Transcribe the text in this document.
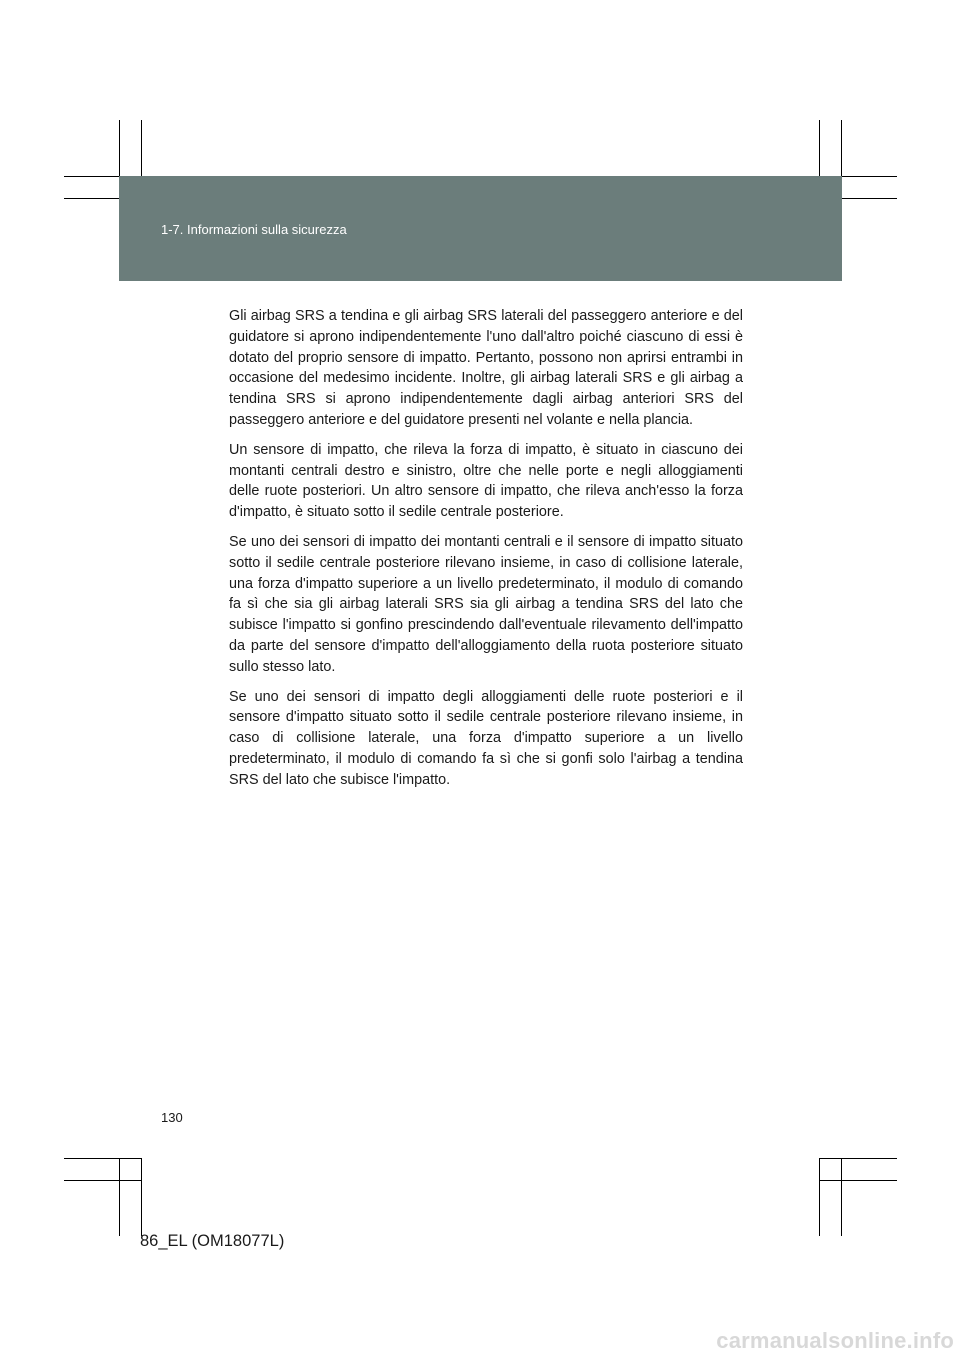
1-7. Informazioni sulla sicurezza

Gli airbag SRS a tendina e gli airbag SRS laterali del passeggero anteriore e del guidatore si aprono indipendentemente l'uno dall'altro poiché ciascuno di essi è dotato del proprio sensore di impatto. Pertanto, possono non aprirsi entrambi in occasione del medesimo incidente. Inoltre, gli airbag laterali SRS e gli airbag a tendina SRS si aprono indipendentemente dagli airbag anteriori SRS del passeggero anteriore e del guidatore presenti nel volante e nella plancia.

Un sensore di impatto, che rileva la forza di impatto, è situato in ciascuno dei montanti centrali destro e sinistro, oltre che nelle porte e negli alloggiamenti delle ruote posteriori. Un altro sensore di impatto, che rileva anch'esso la forza d'impatto, è situato sotto il sedile centrale posteriore.

Se uno dei sensori di impatto dei montanti centrali e il sensore di impatto situato sotto il sedile centrale posteriore rilevano insieme, in caso di collisione laterale, una forza d'impatto superiore a un livello predeterminato, il modulo di comando fa sì che sia gli airbag laterali SRS sia gli airbag a tendina SRS del lato che subisce l'impatto si gonfino prescindendo dall'eventuale rilevamento dell'impatto da parte del sensore d'impatto dell'alloggiamento della ruota posteriore situato sullo stesso lato.

Se uno dei sensori di impatto degli alloggiamenti delle ruote posteriori e il sensore d'impatto situato sotto il sedile centrale posteriore rilevano insieme, in caso di collisione laterale, una forza d'impatto superiore a un livello predeterminato, il modulo di comando fa sì che si gonfi solo l'airbag a tendina SRS del lato che subisce l'impatto.

130
86_EL (OM18077L)
carmanualsonline.info
